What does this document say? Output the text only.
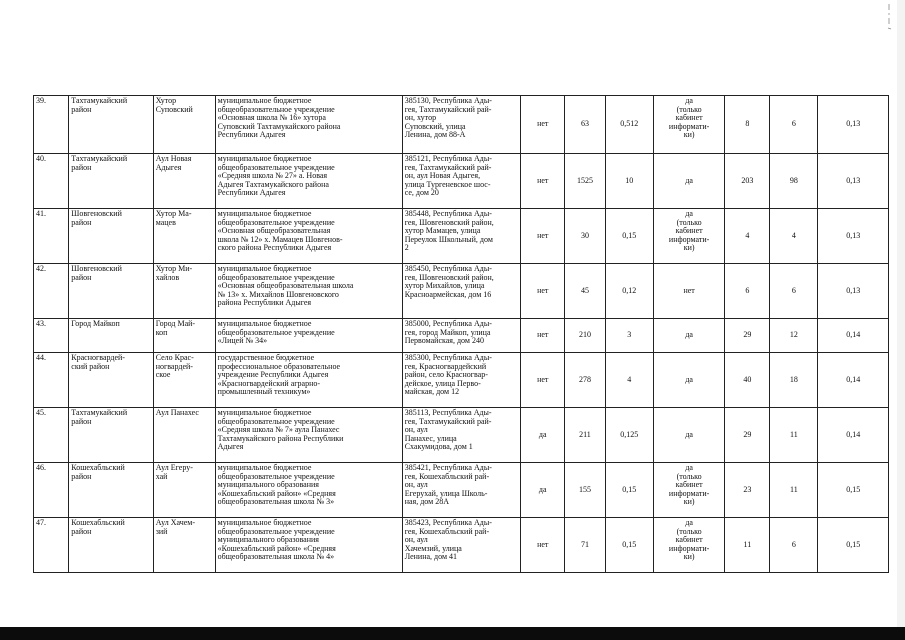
39.	Тахтамукайский
район	Хутор
Суповский	муниципальное бюджетное
общеобразовательное учреждение
«Основная школа № 16» хутора
Суповский Тахтамукайского района
Республики Адыгея	385130, Республика Ады-
гея, Тахтамукайский рай-
он, хутор
Суповский, улица
Ленина, дом 88-А	нет	63	0,512	да
(только
кабинет
информати-
ки)	8	6	0,13
40.	Тахтамукайский
район	Аул Новая
Адыгея	муниципальное бюджетное
общеобразовательное учреждение
«Средняя школа № 27» а. Новая
Адыгея Тахтамукайского района
Республики Адыгея	385121, Республика Ады-
гея, Тахтамукайский рай-
он, аул Новая Адыгея,
улица Тургеневское шос-
се, дом 20	нет	1525	10	да	203	98	0,13
41.	Шовгеновский
район	Хутор Ма-
мацев	муниципальное бюджетное
общеобразовательное учреждение
«Основная общеобразовательная
школа № 12» х. Мамацев Шовгенов-
ского района Республики Адыгея	385448, Республика Ады-
гея, Шовгеновский район,
хутор Мамацев, улица
Переулок Школьный, дом
2	нет	30	0,15	да
(только
кабинет
информати-
ки)	4	4	0,13
42.	Шовгеновский
район	Хутор Ми-
хайлов	муниципальное бюджетное
общеобразовательное учреждение
«Основная общеобразовательная школа
№ 13» х. Михайлов Шовгеновского
района Республики Адыгея	385450, Республика Ады-
гея, Шовгеновский район,
хутор Михайлов, улица
Красноармейская, дом 16	нет	45	0,12	нет	6	6	0,13
43.	Город Майкоп	Город Май-
коп	муниципальное бюджетное
общеобразовательное учреждение
«Лицей № 34»	385000, Республика Ады-
гея, город Майкоп, улица
Первомайская, дом 240	нет	210	3	да	29	12	0,14
44.	Красногвардей-
ский район	Село Крас-
ногвардей-
ское	государственное бюджетное
профессиональное образовательное
учреждение Республики Адыгея
«Красногвардейский аграрно-
промышленный техникум»	385300, Республика Ады-
гея, Красногвардейский
район, село Красногвар-
дейское, улица Перво-
майская, дом 12	нет	278	4	да	40	18	0,14
45.	Тахтамукайский
район	Аул Панахес	муниципальное бюджетное
общеобразовательное учреждение
«Средняя школа № 7» аула Панахес
Тахтамукайского района Республики
Адыгея	385113, Республика Ады-
гея, Тахтамукайский рай-
он, аул
Панахес, улица
Схакумидова, дом 1	да	211	0,125	да	29	11	0,14
46.	Кошехабльский
район	Аул Егеру-
хай	муниципальное бюджетное
общеобразовательное учреждение
муниципального образования
«Кошехабльский район» «Средняя
общеобразовательная школа № 3»	385421, Республика Ады-
гея, Кошехабльский рай-
он, аул
Егерухай, улица Школь-
ная, дом 28А	да	155	0,15	да
(только
кабинет
информати-
ки)	23	11	0,15
47.	Кошехабльский
район	Аул Хачем-
зий	муниципальное бюджетное
общеобразовательное учреждение
муниципального образования
«Кошехабльский район» «Средняя
общеобразовательная школа № 4»	385423, Республика Ады-
гея, Кошехабльский рай-
он, аул
Хачемзий, улица
Ленина, дом 41	нет	71	0,15	да
(только
кабинет
информати-
ки)	11	6	0,15
